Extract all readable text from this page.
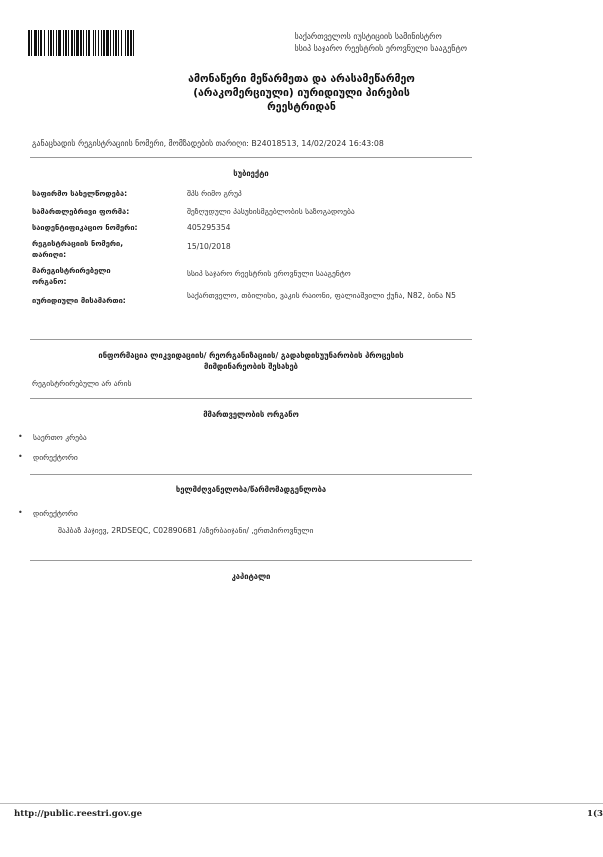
საქართველოს იუსტიციის სამინისტრო
სსიპ საჯარო რეესტრის ეროვნული სააგენტო
ამონაწერი მეწარმეთა და არასამეწარმეო
(არაკომერციული) იურიდიული პირების
რეესტრიდან
განაცხადის რეგისტრაციის ნომერი, მომზადების თარიღი: B24018513, 14/02/2024 16:43:08
სუბიექტი
საფირმო სახელწოდება:	შპს რიმო გრუპ
სამართლებრივი ფორმა:	შეზღუდული პასუხისმგებლობის საზოგადოება
საიდენტიფიკაციო ნომერი:	405295354
რეგისტრაციის ნომერი, თარიღი:
15/10/2018
მარეგისტრირებელი ორგანო:
სსიპ საჯარო რეესტრის ეროვნული სააგენტო
იურიდიული მისამართი:
საქართველო, თბილისი, ვაკის რაიონი, ფალიაშვილი ქუჩა, N82, ბინა N5
ინფორმაცია ლიკვიდაციის/ რეორგანიზაციის/ გადახდისუუნარობის პროცესის
მიმდინარეობის შესახებ
რეგისტრირებული არ არის
მმართველობის ორგანო
• საერთო კრება
• დირექტორი
ხელმძღვანელობა/წარმომადგენლობა
• დირექტორი
შაჰბაზ ჰაჯიევ, 2RDSEQC, C02890681 /აზერბაიჯანი/ ,ერთპიროვნული
კაპიტალი
http://public.reestri.gov.ge	1(3
